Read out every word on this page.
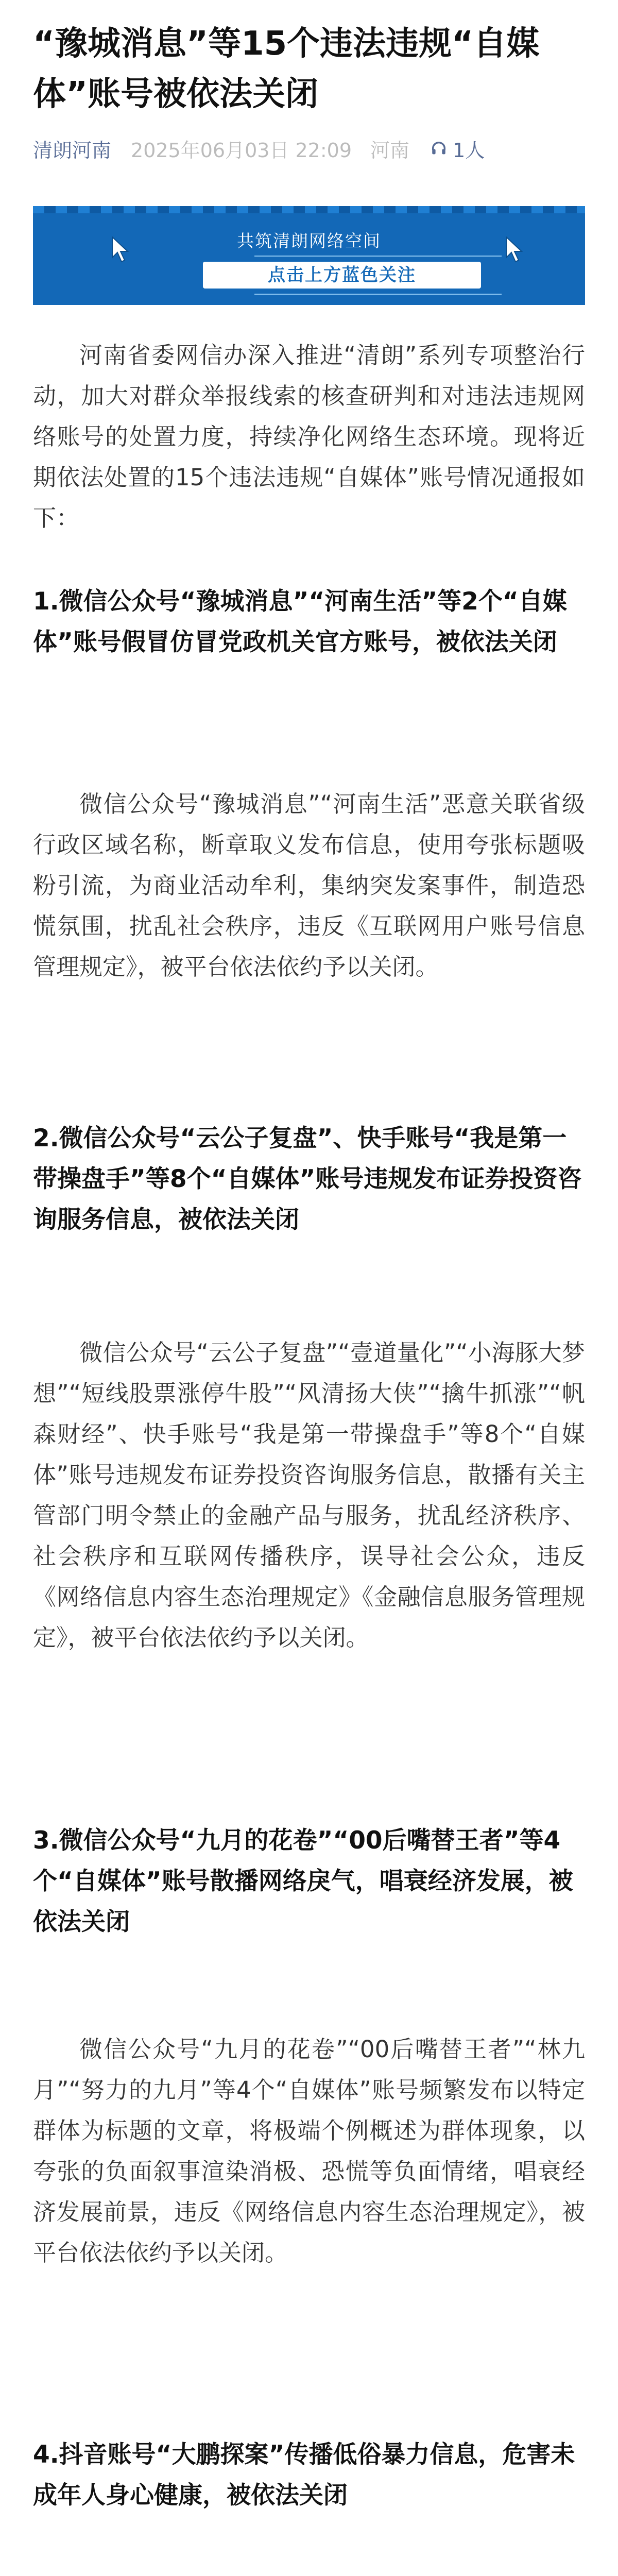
“豫城消息”等15个违法违规“自媒体”账号被依法关闭
清朗河南 2025年06月03日 22:09 河南 1人
共筑清朗网络空间
点击上方蓝色关注

河南省委网信办深入推进“清朗”系列专项整治行动，加大对群众举报线索的核查研判和对违法违规网络账号的处置力度，持续净化网络生态环境。现将近期依法处置的15个违法违规“自媒体”账号情况通报如下：

1.微信公众号“豫城消息”“河南生活”等2个“自媒体”账号假冒仿冒党政机关官方账号，被依法关闭

微信公众号“豫城消息”“河南生活”恶意关联省级行政区域名称，断章取义发布信息，使用夸张标题吸粉引流，为商业活动牟利，集纳突发案事件，制造恐慌氛围，扰乱社会秩序，违反《互联网用户账号信息管理规定》，被平台依法依约予以关闭。

2.微信公众号“云公子复盘”、快手账号“我是第一带操盘手”等8个“自媒体”账号违规发布证券投资咨询服务信息，被依法关闭

微信公众号“云公子复盘”“壹道量化”“小海豚大梦想”“短线股票涨停牛股”“风清扬大侠”“擒牛抓涨”“帆森财经”、快手账号“我是第一带操盘手”等8个“自媒体”账号违规发布证券投资咨询服务信息，散播有关主管部门明令禁止的金融产品与服务，扰乱经济秩序、社会秩序和互联网传播秩序，误导社会公众，违反《网络信息内容生态治理规定》《金融信息服务管理规定》，被平台依法依约予以关闭。

3.微信公众号“九月的花卷”“00后嘴替王者”等4个“自媒体”账号散播网络戾气，唱衰经济发展，被依法关闭

微信公众号“九月的花卷”“00后嘴替王者”“林九月”“努力的九月”等4个“自媒体”账号频繁发布以特定群体为标题的文章，将极端个例概述为群体现象，以夸张的负面叙事渲染消极、恐慌等负面情绪，唱衰经济发展前景，违反《网络信息内容生态治理规定》，被平台依法依约予以关闭。

4.抖音账号“大鹏探案”传播低俗暴力信息，危害未成年人身心健康，被依法关闭
